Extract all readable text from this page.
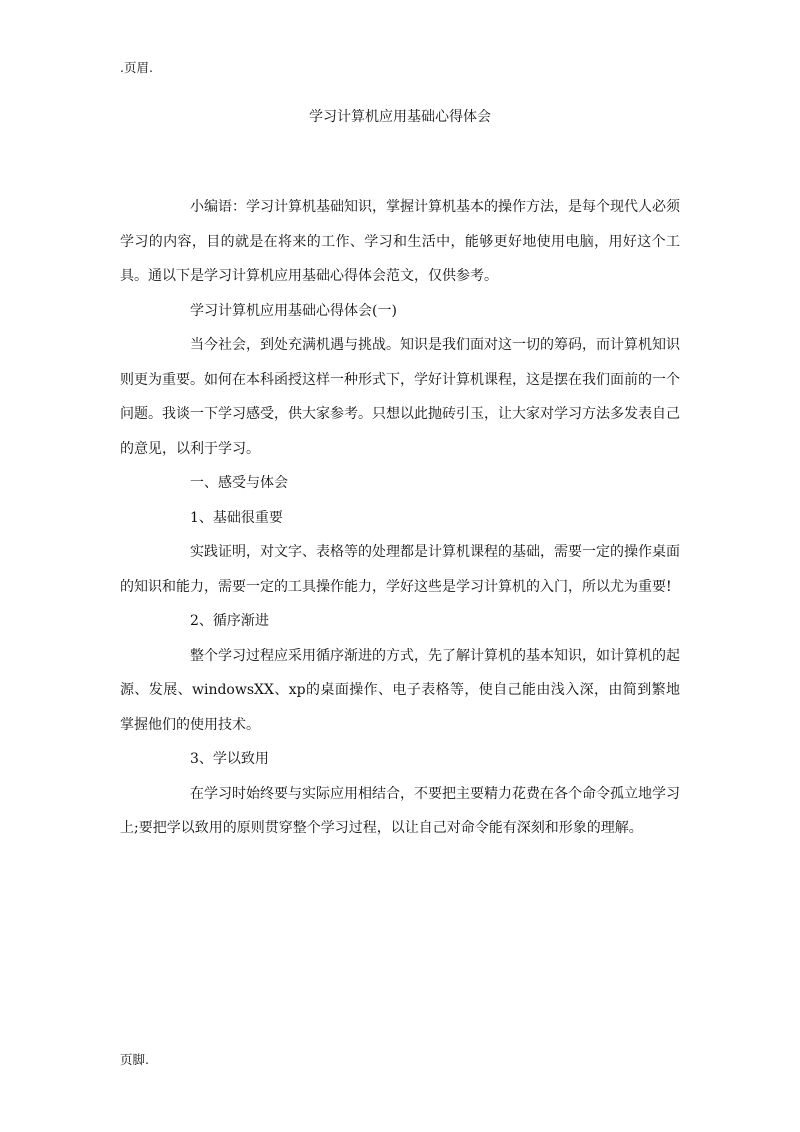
.页眉.
学习计算机应用基础心得体会

小编语：学习计算机基础知识，掌握计算机基本的操作方法，是每个现代人必须学习的内容，目的就是在将来的工作、学习和生活中，能够更好地使用电脑，用好这个工具。通以下是学习计算机应用基础心得体会范文，仅供参考。

学习计算机应用基础心得体会(一)

当今社会，到处充满机遇与挑战。知识是我们面对这一切的筹码，而计算机知识则更为重要。如何在本科函授这样一种形式下，学好计算机课程，这是摆在我们面前的一个问题。我谈一下学习感受，供大家参考。只想以此抛砖引玉，让大家对学习方法多发表自己的意见，以利于学习。

一、感受与体会

1、基础很重要

实践证明，对文字、表格等的处理都是计算机课程的基础，需要一定的操作桌面的知识和能力，需要一定的工具操作能力，学好这些是学习计算机的入门，所以尤为重要!

2、循序渐进

整个学习过程应采用循序渐进的方式，先了解计算机的基本知识，如计算机的起源、发展、windowsXX、xp的桌面操作、电子表格等，使自己能由浅入深，由简到繁地掌握他们的使用技术。

3、学以致用

在学习时始终要与实际应用相结合，不要把主要精力花费在各个命令孤立地学习上;要把学以致用的原则贯穿整个学习过程，以让自己对命令能有深刻和形象的理解。

页脚.
